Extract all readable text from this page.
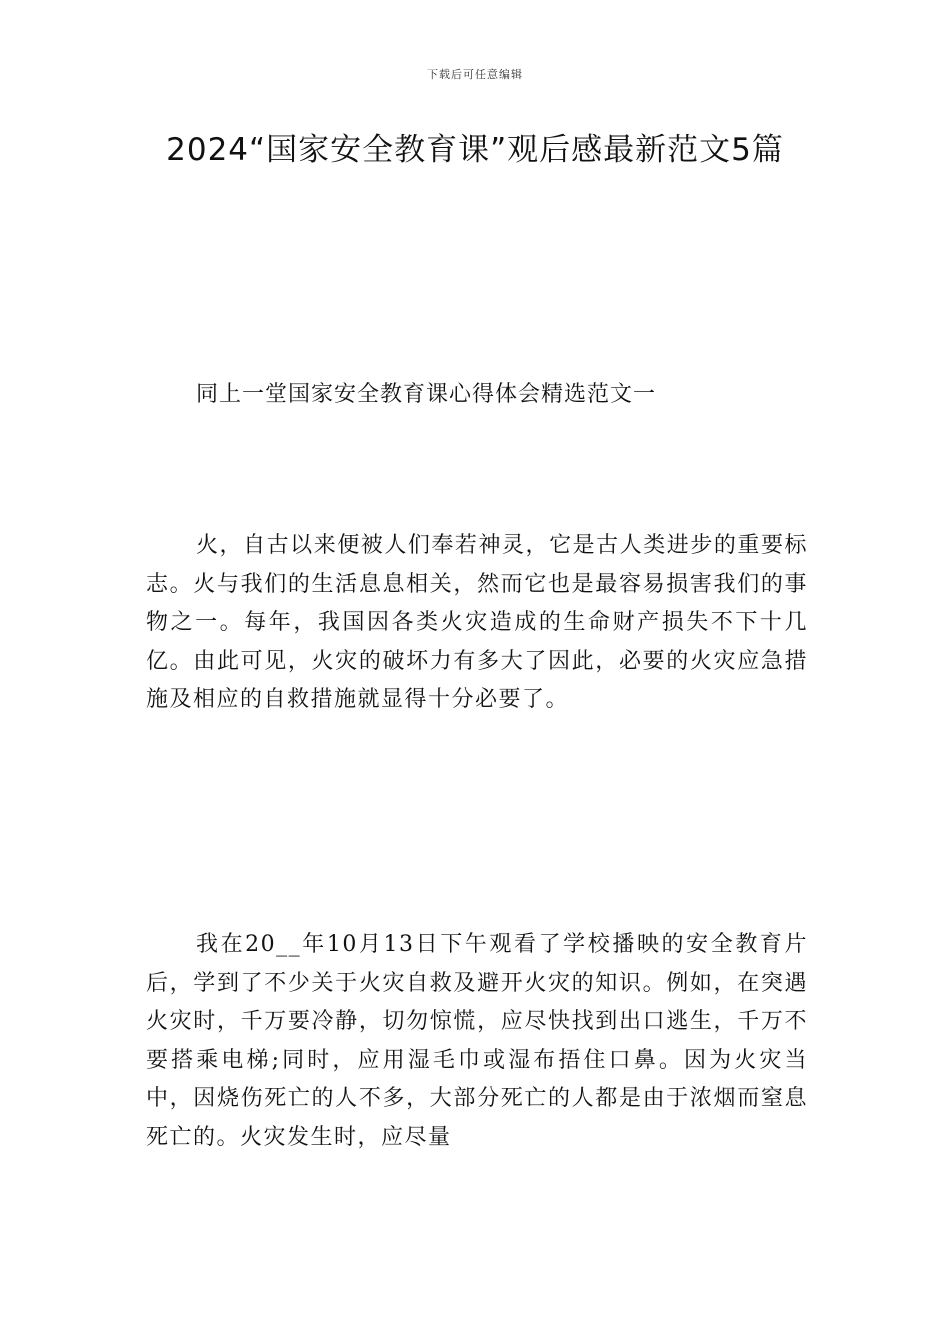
下载后可任意编辑
2024“国家安全教育课”观后感最新范文5篇
同上一堂国家安全教育课心得体会精选范文一

火，自古以来便被人们奉若神灵，它是古人类进步的重要标志。火与我们的生活息息相关，然而它也是最容易损害我们的事物之一。每年，我国因各类火灾造成的生命财产损失不下十几亿。由此可见，火灾的破坏力有多大了因此，必要的火灾应急措施及相应的自救措施就显得十分必要了。

我在20__年10月13日下午观看了学校播映的安全教育片后，学到了不少关于火灾自救及避开火灾的知识。例如，在突遇火灾时，千万要冷静，切勿惊慌，应尽快找到出口逃生，千万不要搭乘电梯;同时，应用湿毛巾或湿布捂住口鼻。因为火灾当中，因烧伤死亡的人不多，大部分死亡的人都是由于浓烟而窒息死亡的。火灾发生时，应尽量
